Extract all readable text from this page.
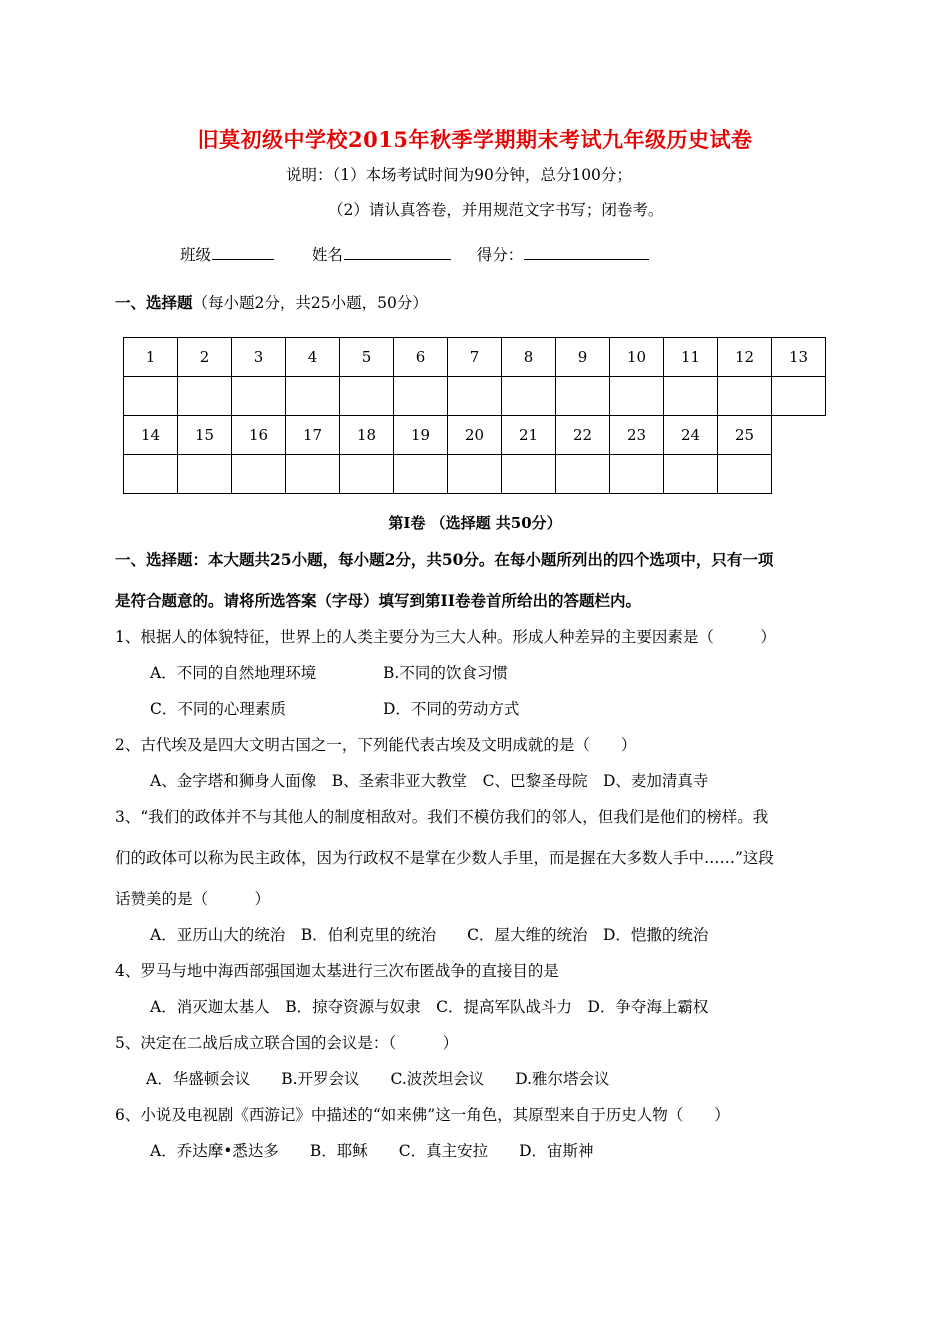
旧莫初级中学校2015年秋季学期期末考试九年级历史试卷
说明：（1）本场考试时间为90分钟，总分100分；
（2）请认真答卷，并用规范文字书写；闭卷考。
班级	姓名	得分：
一、选择题（每小题2分，共25小题，50分）
1	2	3	4	5	6	7	8	9	10	11	12	13

14	15	16	17	18	19	20	21	22	23	24	25	

第Ⅰ卷 （选择题 共50分）
一、选择题：本大题共25小题，每小题2分，共50分。在每小题所列出的四个选项中，只有一项
是符合题意的。请将所选答案（字母）填写到第II卷卷首所给出的答题栏内。
1、根据人的体貌特征，世界上的人类主要分为三大人种。形成人种差异的主要因素是（　　　）
A．不同的自然地理环境	B.不同的饮食习惯
C．不同的心理素质	D．不同的劳动方式
2、古代埃及是四大文明古国之一，下列能代表古埃及文明成就的是（　　）
A、金字塔和狮身人面像　B、圣索非亚大教堂　C、巴黎圣母院　D、麦加清真寺
3、“我们的政体并不与其他人的制度相敌对。我们不模仿我们的邻人，但我们是他们的榜样。我
们的政体可以称为民主政体，因为行政权不是掌在少数人手里，而是握在大多数人手中……”这段
话赞美的是（　　　）
A．亚历山大的统治　B．伯利克里的统治　　C．屋大维的统治　D．恺撒的统治
4、罗马与地中海西部强国迦太基进行三次布匿战争的直接目的是
A．消灭迦太基人　B．掠夺资源与奴隶　C．提高军队战斗力　D．争夺海上霸权
5、决定在二战后成立联合国的会议是：（　　　）
A．华盛顿会议　　B.开罗会议　　C.波茨坦会议　　D.雅尔塔会议
6、小说及电视剧《西游记》中描述的“如来佛”这一角色，其原型来自于历史人物（　　）
A．乔达摩•悉达多　　B．耶稣　　C．真主安拉　　D．宙斯神
